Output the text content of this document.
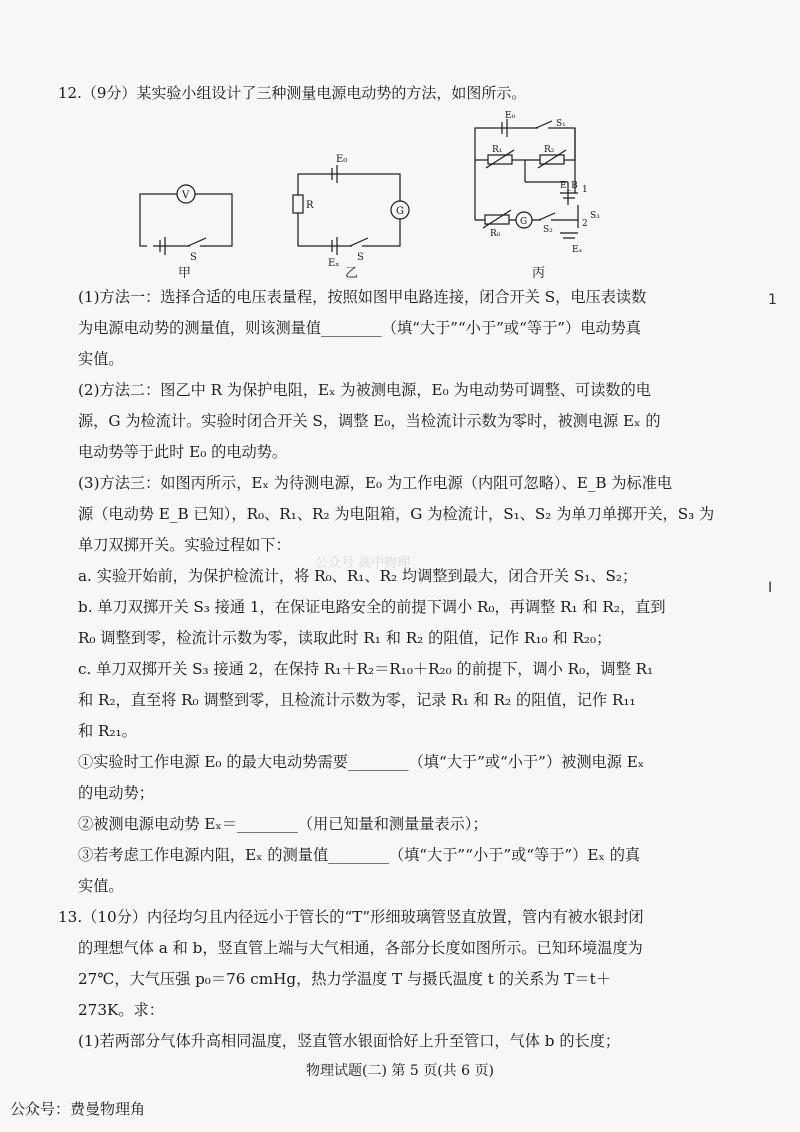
12.（9分）某实验小组设计了三种测量电源电动势的方法，如图所示。
V
S
甲
E₀
R
G
Eₓ
S
乙
E₀
S₁
R₁	R₂
E_B 1
R₀
G
S₂
2
S₃
Eₓ
丙
(1)方法一：选择合适的电压表量程，按照如图甲电路连接，闭合开关 S，电压表读数
为电源电动势的测量值，则该测量值________（填“大于”“小于”或“等于”）电动势真
实值。
(2)方法二：图乙中 R 为保护电阻，Eₓ 为被测电源，E₀ 为电动势可调整、可读数的电
源，G 为检流计。实验时闭合开关 S，调整 E₀，当检流计示数为零时，被测电源 Eₓ 的
电动势等于此时 E₀ 的电动势。
(3)方法三：如图丙所示，Eₓ 为待测电源，E₀ 为工作电源（内阻可忽略）、E_B 为标准电
源（电动势 E_B 已知），R₀、R₁、R₂ 为电阻箱，G 为检流计，S₁、S₂ 为单刀单掷开关，S₃ 为
单刀双掷开关。实验过程如下：
a. 实验开始前，为保护检流计，将 R₀、R₁、R₂ 均调整到最大，闭合开关 S₁、S₂；
b. 单刀双掷开关 S₃ 接通 1，在保证电路安全的前提下调小 R₀，再调整 R₁ 和 R₂，直到
R₀ 调整到零，检流计示数为零，读取此时 R₁ 和 R₂ 的阻值，记作 R₁₀ 和 R₂₀；
c. 单刀双掷开关 S₃ 接通 2，在保持 R₁＋R₂＝R₁₀＋R₂₀ 的前提下，调小 R₀，调整 R₁
和 R₂，直至将 R₀ 调整到零，且检流计示数为零，记录 R₁ 和 R₂ 的阻值，记作 R₁₁
和 R₂₁。
①实验时工作电源 E₀ 的最大电动势需要________（填“大于”或“小于”）被测电源 Eₓ
的电动势；
②被测电源电动势 Eₓ＝________（用已知量和测量量表示）；
③若考虑工作电源内阻，Eₓ 的测量值________（填“大于”“小于”或“等于”）Eₓ 的真
实值。
公众号 高中物理
1
I
13.（10分）内径均匀且内径远小于管长的“T”形细玻璃管竖直放置，管内有被水银封闭
的理想气体 a 和 b，竖直管上端与大气相通，各部分长度如图所示。已知环境温度为
27℃，大气压强 p₀＝76 cmHg，热力学温度 T 与摄氏温度 t 的关系为 T＝t＋
273K。求：
(1)若两部分气体升高相同温度，竖直管水银面恰好上升至管口，气体 b 的长度；
物理试题(二) 第 5 页(共 6 页)
公众号：费曼物理角
